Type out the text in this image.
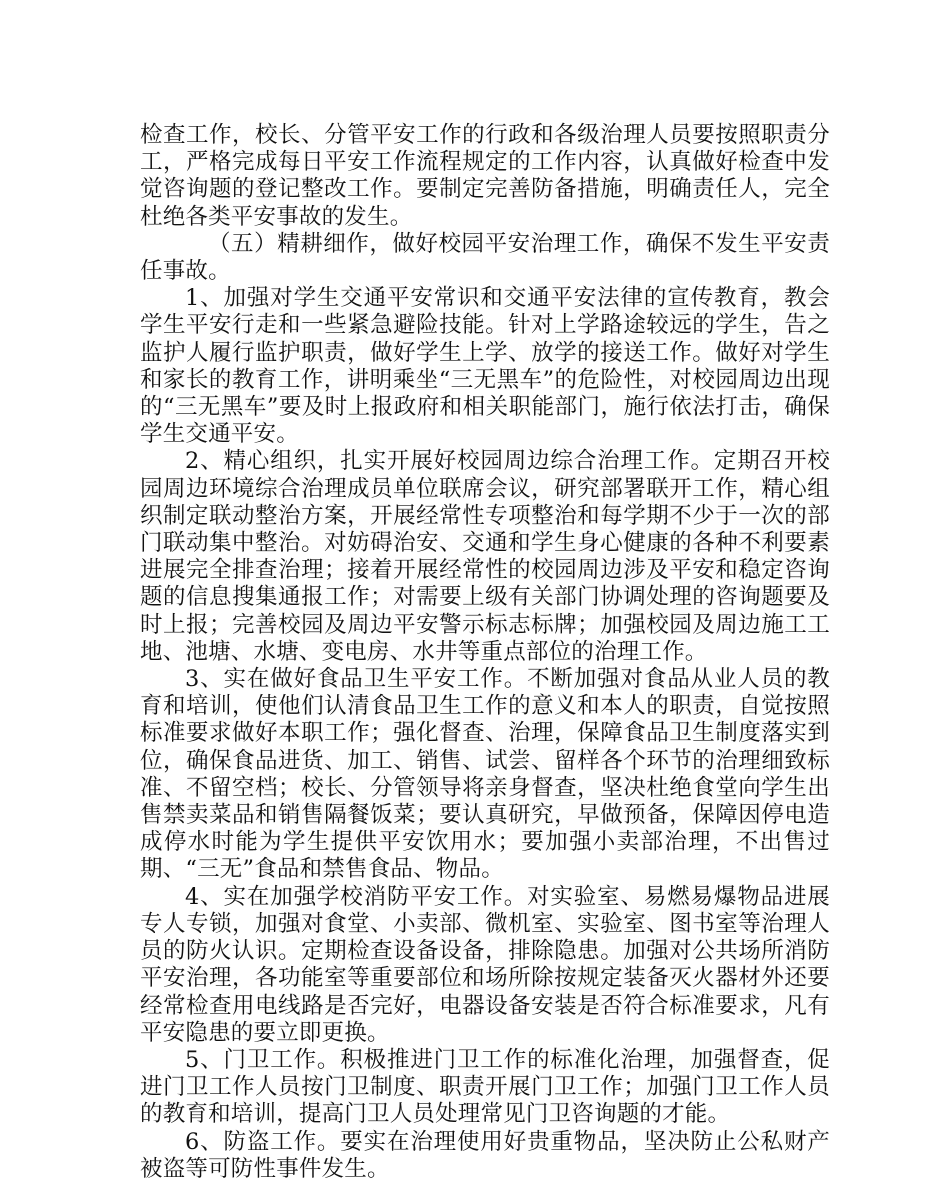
检查工作，校长、分管平安工作的行政和各级治理人员要按照职责分工，严格完成每日平安工作流程规定的工作内容，认真做好检查中发觉咨询题的登记整改工作。要制定完善防备措施，明确责任人，完全杜绝各类平安事故的发生。

（五）精耕细作，做好校园平安治理工作，确保不发生平安责任事故。

1、加强对学生交通平安常识和交通平安法律的宣传教育，教会学生平安行走和一些紧急避险技能。针对上学路途较远的学生，告之监护人履行监护职责，做好学生上学、放学的接送工作。做好对学生和家长的教育工作，讲明乘坐“三无黑车”的危险性，对校园周边出现的“三无黑车”要及时上报政府和相关职能部门，施行依法打击，确保学生交通平安。

2、精心组织，扎实开展好校园周边综合治理工作。定期召开校园周边环境综合治理成员单位联席会议，研究部署联开工作，精心组织制定联动整治方案，开展经常性专项整治和每学期不少于一次的部门联动集中整治。对妨碍治安、交通和学生身心健康的各种不利要素进展完全排查治理；接着开展经常性的校园周边涉及平安和稳定咨询题的信息搜集通报工作；对需要上级有关部门协调处理的咨询题要及时上报；完善校园及周边平安警示标志标牌；加强校园及周边施工工地、池塘、水塘、变电房、水井等重点部位的治理工作。

3、实在做好食品卫生平安工作。不断加强对食品从业人员的教育和培训，使他们认清食品卫生工作的意义和本人的职责，自觉按照标准要求做好本职工作；强化督查、治理，保障食品卫生制度落实到位，确保食品进货、加工、销售、试尝、留样各个环节的治理细致标准、不留空档；校长、分管领导将亲身督查，坚决杜绝食堂向学生出售禁卖菜品和销售隔餐饭菜；要认真研究，早做预备，保障因停电造成停水时能为学生提供平安饮用水；要加强小卖部治理，不出售过期、“三无”食品和禁售食品、物品。

4、实在加强学校消防平安工作。对实验室、易燃易爆物品进展专人专锁，加强对食堂、小卖部、微机室、实验室、图书室等治理人员的防火认识。定期检查设备设备，排除隐患。加强对公共场所消防平安治理，各功能室等重要部位和场所除按规定装备灭火器材外还要经常检查用电线路是否完好，电器设备安装是否符合标准要求，凡有平安隐患的要立即更换。

5、门卫工作。积极推进门卫工作的标准化治理，加强督查，促进门卫工作人员按门卫制度、职责开展门卫工作；加强门卫工作人员的教育和培训，提高门卫人员处理常见门卫咨询题的才能。

6、防盗工作。要实在治理使用好贵重物品，坚决防止公私财产被盗等可防性事件发生。
